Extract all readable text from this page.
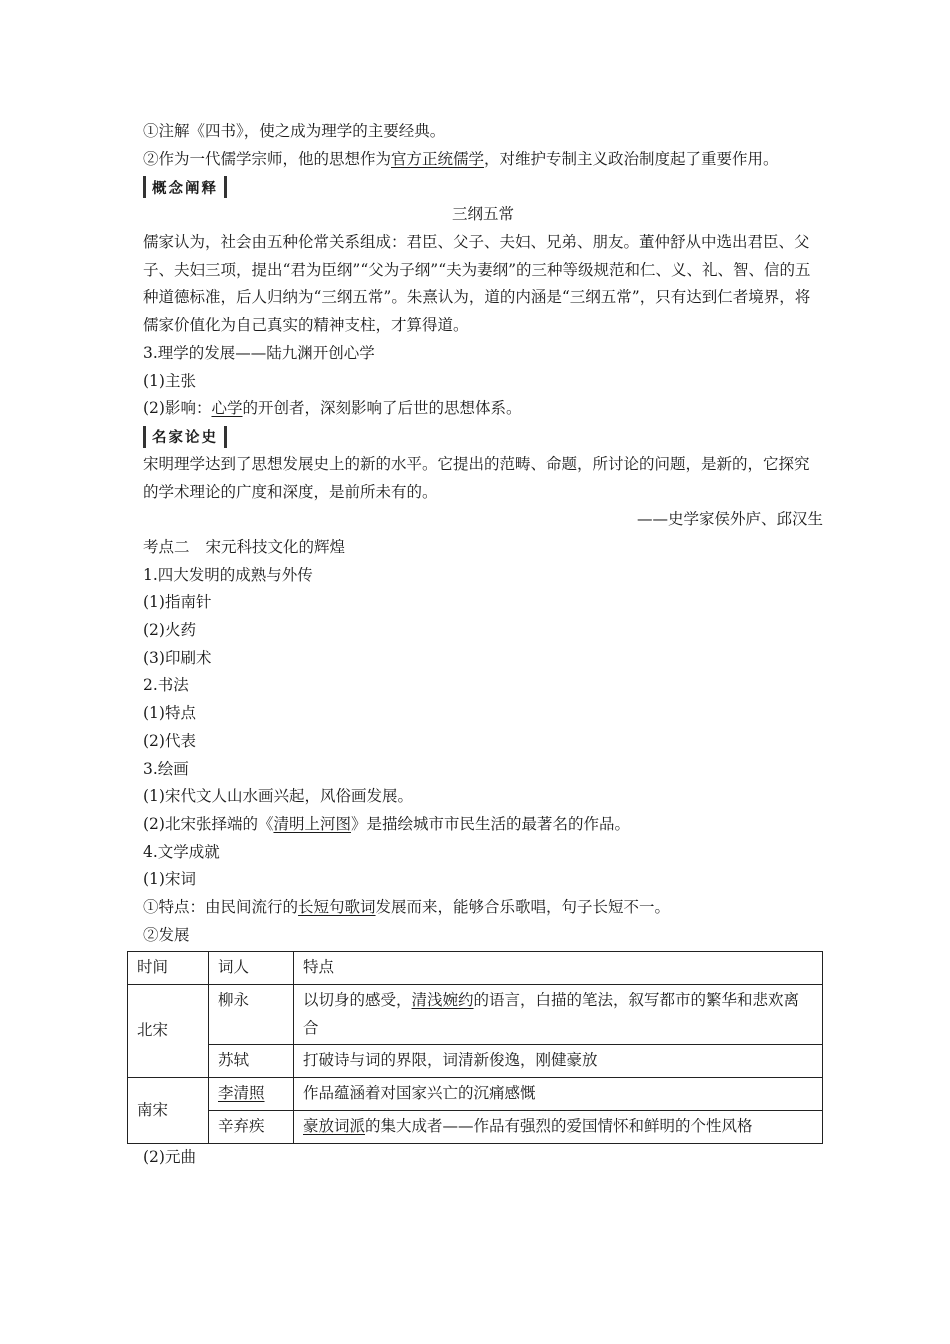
①注解《四书》，使之成为理学的主要经典。
②作为一代儒学宗师，他的思想作为官方正统儒学，对维护专制主义政治制度起了重要作用。
概念阐释
三纲五常
儒家认为，社会由五种伦常关系组成：君臣、父子、夫妇、兄弟、朋友。董仲舒从中选出君臣、父子、夫妇三项，提出“君为臣纲”“父为子纲”“夫为妻纲”的三种等级规范和仁、义、礼、智、信的五种道德标准，后人归纳为“三纲五常”。朱熹认为，道的内涵是“三纲五常”，只有达到仁者境界，将儒家价值化为自己真实的精神支柱，才算得道。
3.理学的发展——陆九渊开创心学
(1)主张
(2)影响：心学的开创者，深刻影响了后世的思想体系。
名家论史
宋明理学达到了思想发展史上的新的水平。它提出的范畴、命题，所讨论的问题，是新的，它探究的学术理论的广度和深度，是前所未有的。
——史学家侯外庐、邱汉生
考点二 宋元科技文化的辉煌
1.四大发明的成熟与外传
(1)指南针
(2)火药
(3)印刷术
2.书法
(1)特点
(2)代表
3.绘画
(1)宋代文人山水画兴起，风俗画发展。
(2)北宋张择端的《清明上河图》是描绘城市市民生活的最著名的作品。
4.文学成就
(1)宋词
①特点：由民间流行的长短句歌词发展而来，能够合乐歌唱，句子长短不一。
②发展
时间	词人	特点
北宋	柳永	以切身的感受，清浅婉约的语言，白描的笔法，叙写都市的繁华和悲欢离合
	苏轼	打破诗与词的界限，词清新俊逸，刚健豪放
南宋	李清照	作品蕴涵着对国家兴亡的沉痛感慨
	辛弃疾	豪放词派的集大成者——作品有强烈的爱国情怀和鲜明的个性风格
(2)元曲
